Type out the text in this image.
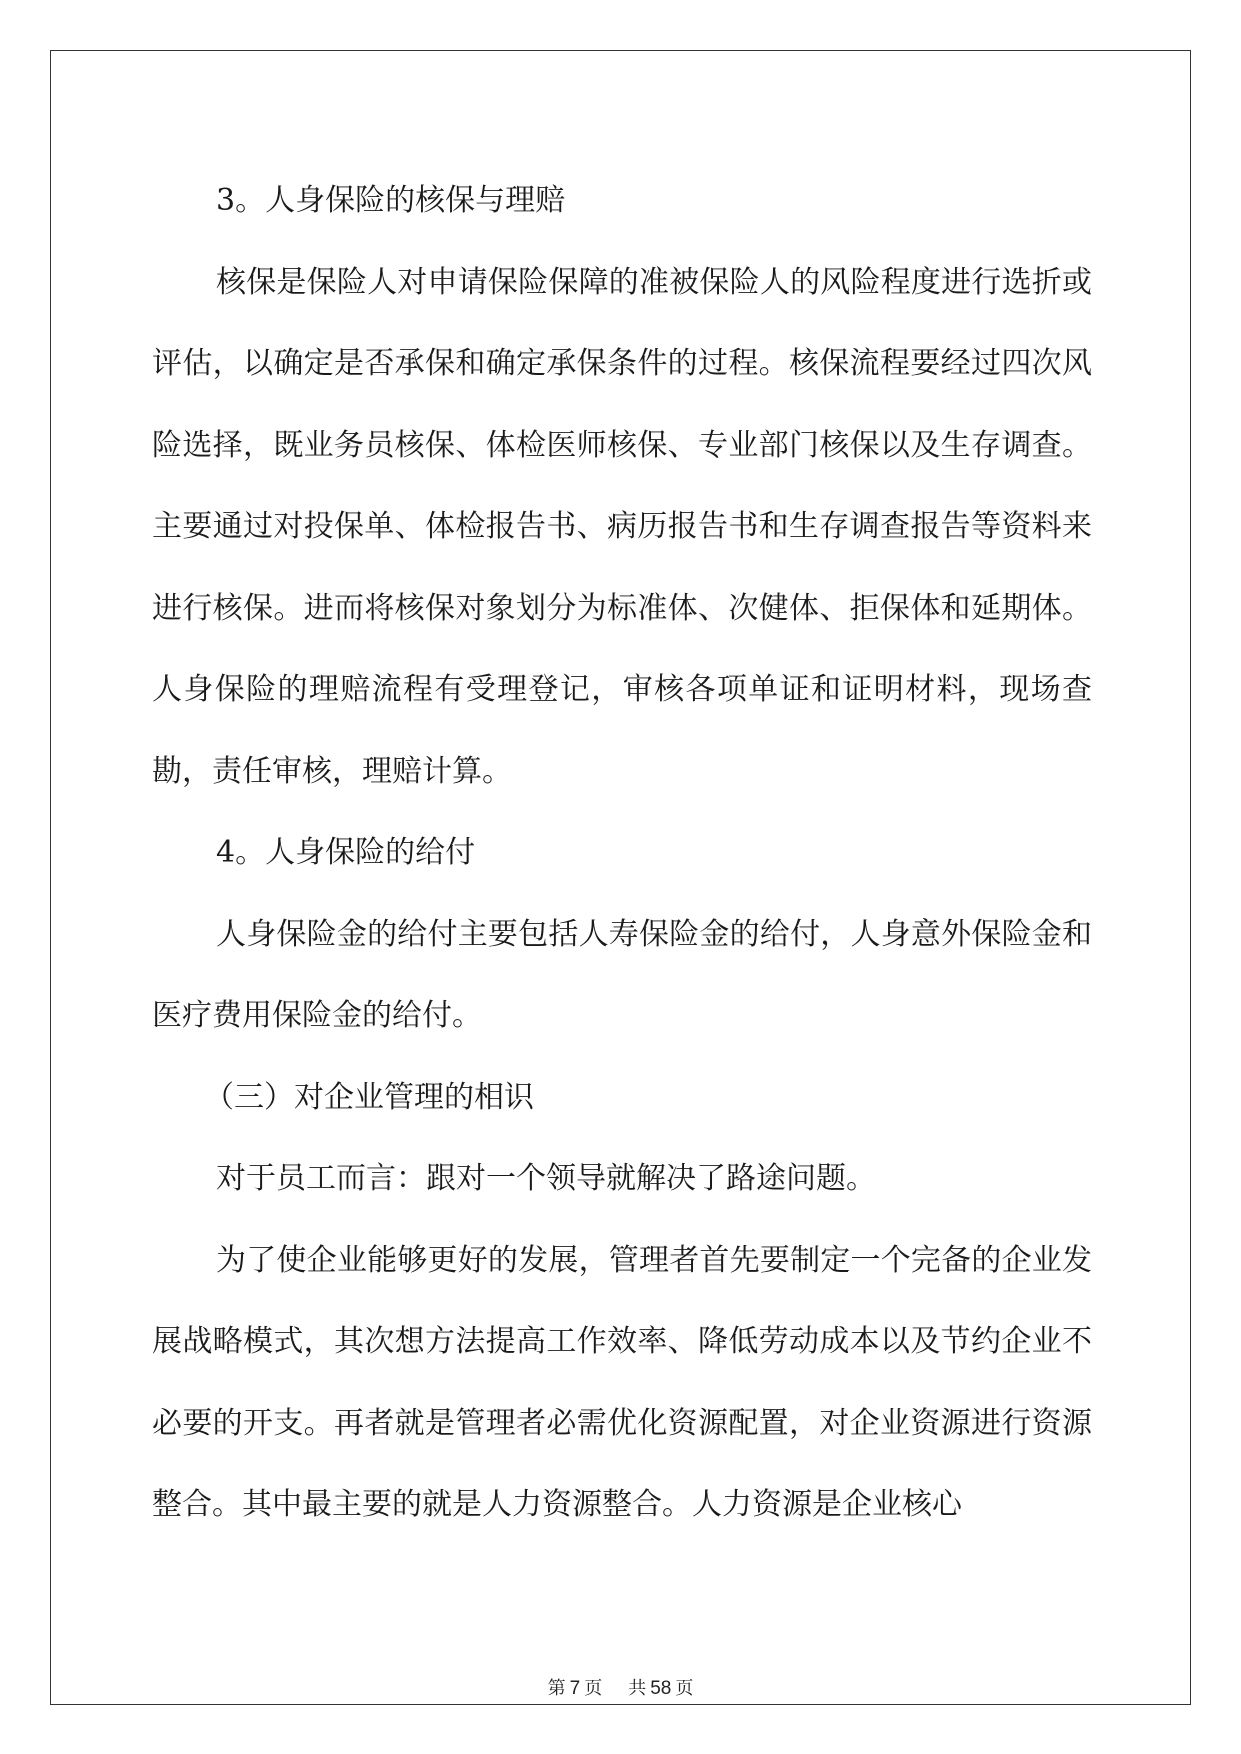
3。人身保险的核保与理赔

核保是保险人对申请保险保障的准被保险人的风险程度进行选折或评估，以确定是否承保和确定承保条件的过程。核保流程要经过四次风险选择，既业务员核保、体检医师核保、专业部门核保以及生存调查。主要通过对投保单、体检报告书、病历报告书和生存调查报告等资料来进行核保。进而将核保对象划分为标准体、次健体、拒保体和延期体。人身保险的理赔流程有受理登记，审核各项单证和证明材料，现场查勘，责任审核，理赔计算。

4。人身保险的给付

人身保险金的给付主要包括人寿保险金的给付，人身意外保险金和医疗费用保险金的给付。

（三）对企业管理的相识

对于员工而言：跟对一个领导就解决了路途问题。

为了使企业能够更好的发展，管理者首先要制定一个完备的企业发展战略模式，其次想方法提高工作效率、降低劳动成本以及节约企业不必要的开支。再者就是管理者必需优化资源配置，对企业资源进行资源整合。其中最主要的就是人力资源整合。人力资源是企业核心

第 7 页 共 58 页
